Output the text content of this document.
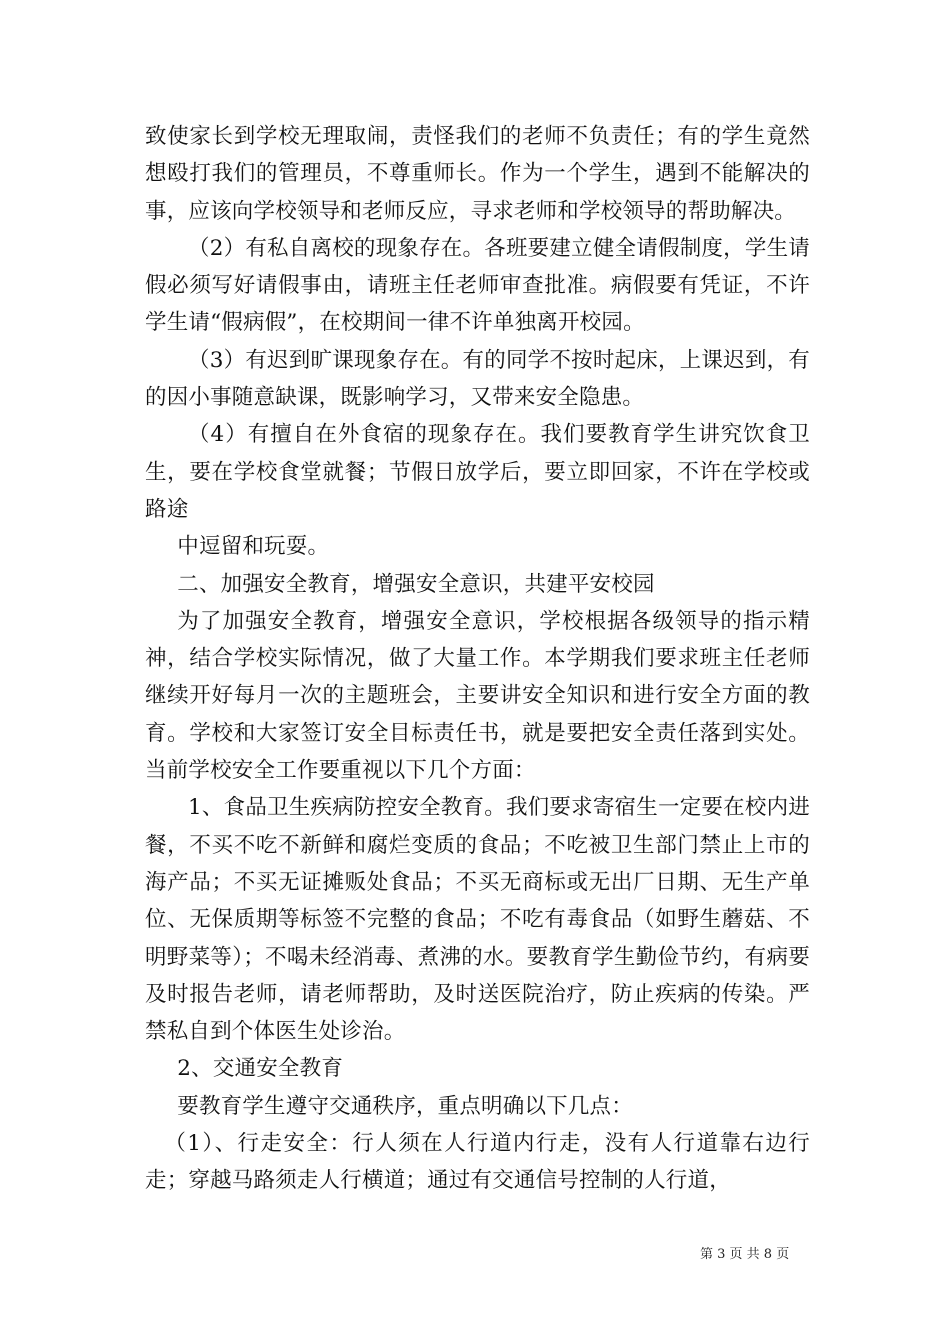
致使家长到学校无理取闹，责怪我们的老师不负责任；有的学生竟然想殴打我们的管理员，不尊重师长。作为一个学生，遇到不能解决的事，应该向学校领导和老师反应，寻求老师和学校领导的帮助解决。

（2）有私自离校的现象存在。各班要建立健全请假制度，学生请假必须写好请假事由，请班主任老师审查批准。病假要有凭证，不许学生请“假病假”，在校期间一律不许单独离开校园。

（3）有迟到旷课现象存在。有的同学不按时起床，上课迟到，有的因小事随意缺课，既影响学习，又带来安全隐患。

（4）有擅自在外食宿的现象存在。我们要教育学生讲究饮食卫生，要在学校食堂就餐；节假日放学后，要立即回家，不许在学校或路途

中逗留和玩耍。

二、加强安全教育，增强安全意识，共建平安校园

为了加强安全教育，增强安全意识，学校根据各级领导的指示精神，结合学校实际情况，做了大量工作。本学期我们要求班主任老师继续开好每月一次的主题班会，主要讲安全知识和进行安全方面的教育。学校和大家签订安全目标责任书，就是要把安全责任落到实处。当前学校安全工作要重视以下几个方面：

1、食品卫生疾病防控安全教育。我们要求寄宿生一定要在校内进餐，不买不吃不新鲜和腐烂变质的食品；不吃被卫生部门禁止上市的海产品；不买无证摊贩处食品；不买无商标或无出厂日期、无生产单位、无保质期等标签不完整的食品；不吃有毒食品（如野生蘑菇、不明野菜等）；不喝未经消毒、煮沸的水。要教育学生勤俭节约，有病要及时报告老师，请老师帮助，及时送医院治疗，防止疾病的传染。严禁私自到个体医生处诊治。

2、交通安全教育

要教育学生遵守交通秩序，重点明确以下几点：

（1）、行走安全：行人须在人行道内行走，没有人行道靠右边行走；穿越马路须走人行横道；通过有交通信号控制的人行道，

第 3 页 共 8 页
